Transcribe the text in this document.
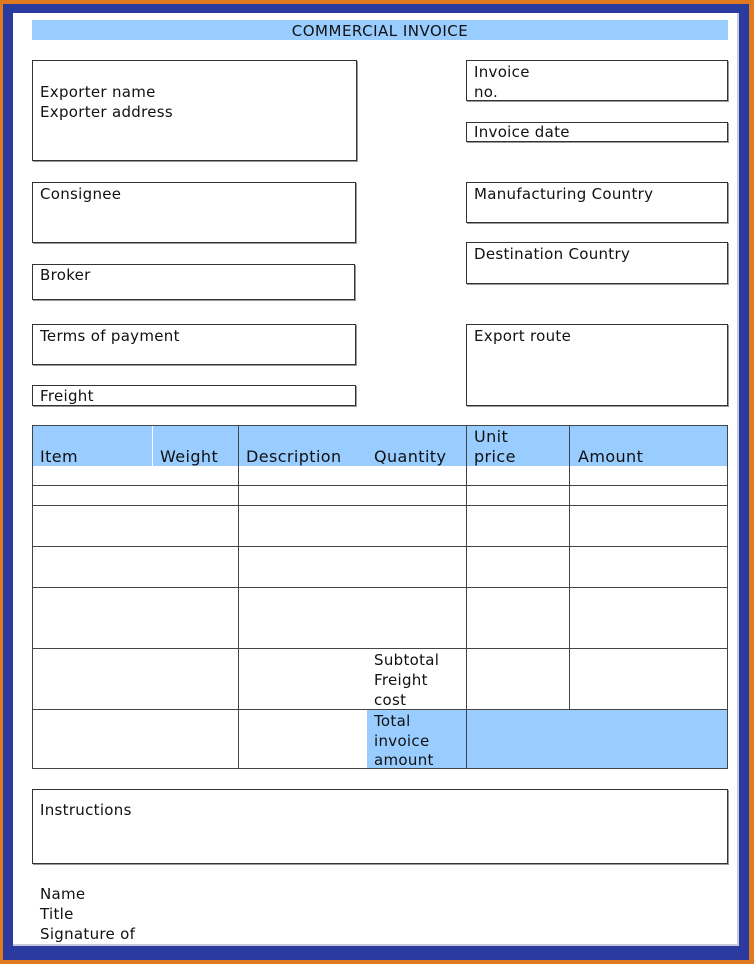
COMMERCIAL INVOICE
Exporter name
Exporter address
Consignee
Broker
Terms of payment
Freight
Invoice
no.
Invoice date
Manufacturing Country
Destination Country
Export route
Item	Weight Description Quantity
Unit
price	Amount
Subtotal
Freight
cost
Total
invoice
amount
Instructions
Name
Title
Signature of
